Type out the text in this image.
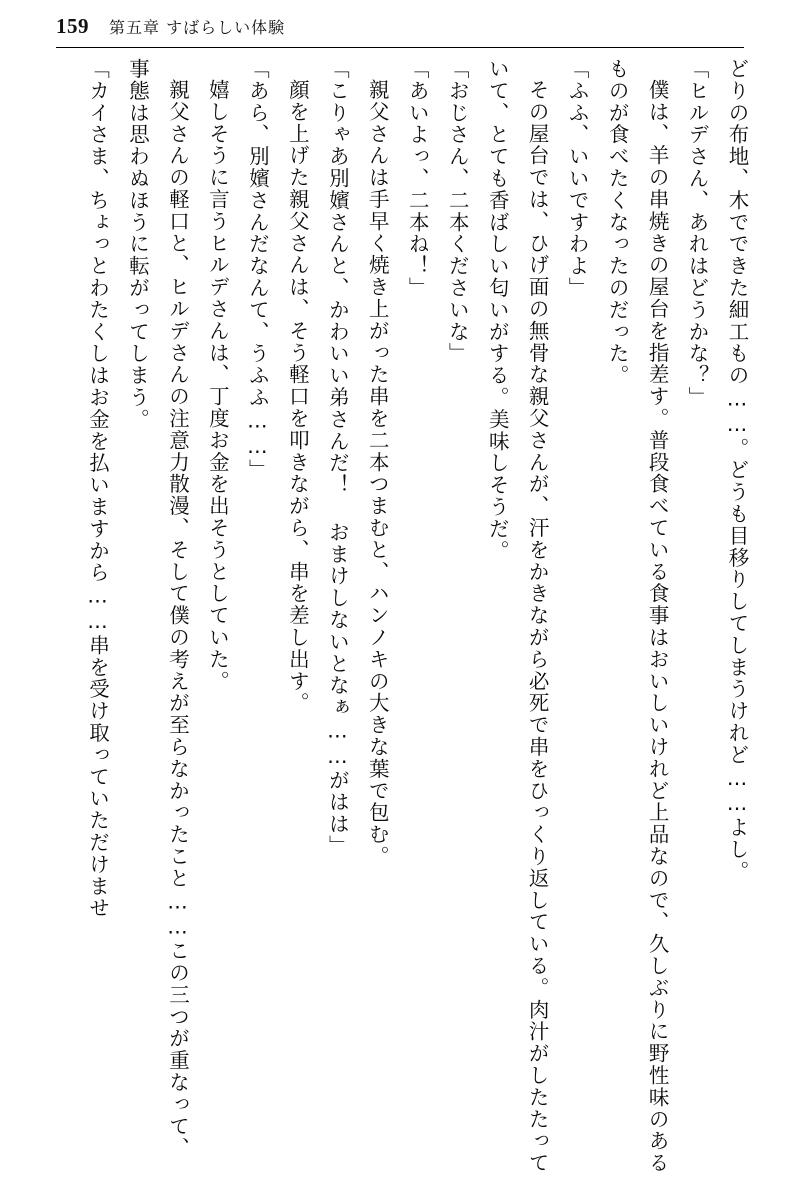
159 第五章 すばらしい体験

どりの布地、木でできた細工もの……。どうも目移りしてしまうけれど……よし。

「ヒルデさん、あれはどうかな？」

僕は、羊の串焼きの屋台を指差す。普段食べている食事はおいしいけれど上品なので、久しぶりに野性味のあるものが食べたくなったのだった。

「ふふ、いいですわよ」

その屋台では、ひげ面の無骨な親父さんが、汗をかきながら必死で串をひっくり返している。肉汁がしたたっていて、とても香ばしい匂いがする。美味しそうだ。

「おじさん、二本くださいな」

「あいよっ、二本ね！」

親父さんは手早く焼き上がった串を二本つまむと、ハンノキの大きな葉で包む。

「こりゃあ別嬪さんと、かわいい弟さんだ！ おまけしないとなぁ……がはは」

顔を上げた親父さんは、そう軽口を叩きながら、串を差し出す。

「あら、別嬪さんだなんて、うふふ……」

嬉しそうに言うヒルデさんは、丁度お金を出そうとしていた。

親父さんの軽口と、ヒルデさんの注意力散漫、そして僕の考えが至らなかったこと……この三つが重なって、事態は思わぬほうに転がってしまう。

「カイさま、ちょっとわたくしはお金を払いますから……串を受け取っていただけませ
